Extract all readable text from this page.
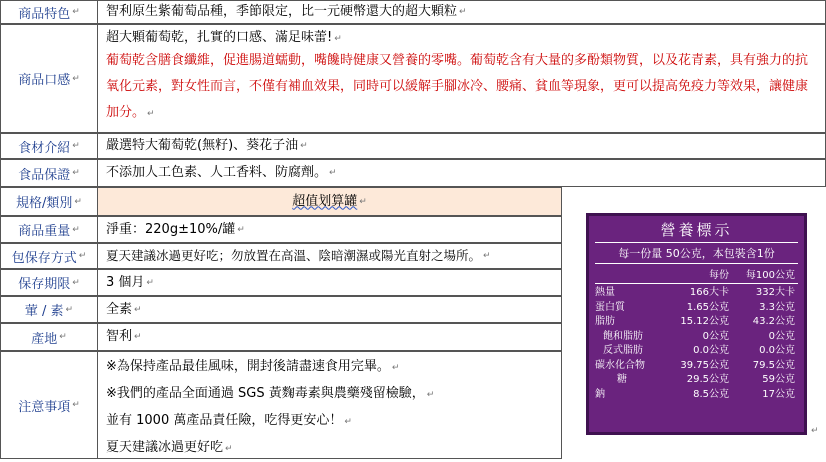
商品特色 ↵ 智利原生紫葡萄品種，季節限定，比一元硬幣還大的超大顆粒 ↵
商品口感 ↵
超大顆葡萄乾，扎實的口感、滿足味蕾! ↵
葡萄乾含膳食纖維，促進腸道蠕動，嘴饞時健康又營養的零嘴。葡萄乾含有大量的多酚類物質，以及花青素，具有強力的抗氧化元素，對女性而言，不僅有補血效果，同時可以緩解手腳冰冷、腰痛、貧血等現象，更可以提高免疫力等效果，讓健康加分。 ↵
食材介紹 ↵ 嚴選特大葡萄乾(無籽)、葵花子油 ↵
食品保證 ↵ 不添加人工色素、人工香料、防腐劑。 ↵
規格/類別 ↵	超值划算罐 ↵
商品重量 ↵ 淨重：220g±10%/罐 ↵
包保存方式 ↵ 夏天建議冰過更好吃；勿放置在高溫、陰暗潮濕或陽光直射之場所。 ↵
保存期限 ↵ 3 個月 ↵
葷 / 素 ↵	全素 ↵
產地 ↵	智利 ↵
注意事項 ↵
※為保持產品最佳風味，開封後請盡速食用完畢。 ↵
※我們的產品全面通過 SGS 黃麴毒素與農藥殘留檢驗， ↵
並有 1000 萬產品責任險，吃得更安心！ ↵
夏天建議冰過更好吃 ↵
營養標示
每一份量 50公克，本包裝含1份
每份	每100公克
熱量	166大卡	332大卡
蛋白質	1.65公克	3.3公克
脂肪	15.12公克	43.2公克
飽和脂肪	0公克	0公克
反式脂肪	0.0公克	0.0公克
碳水化合物	39.75公克	79.5公克
糖	29.5公克	59公克
鈉	8.5公克	17公克
↵
